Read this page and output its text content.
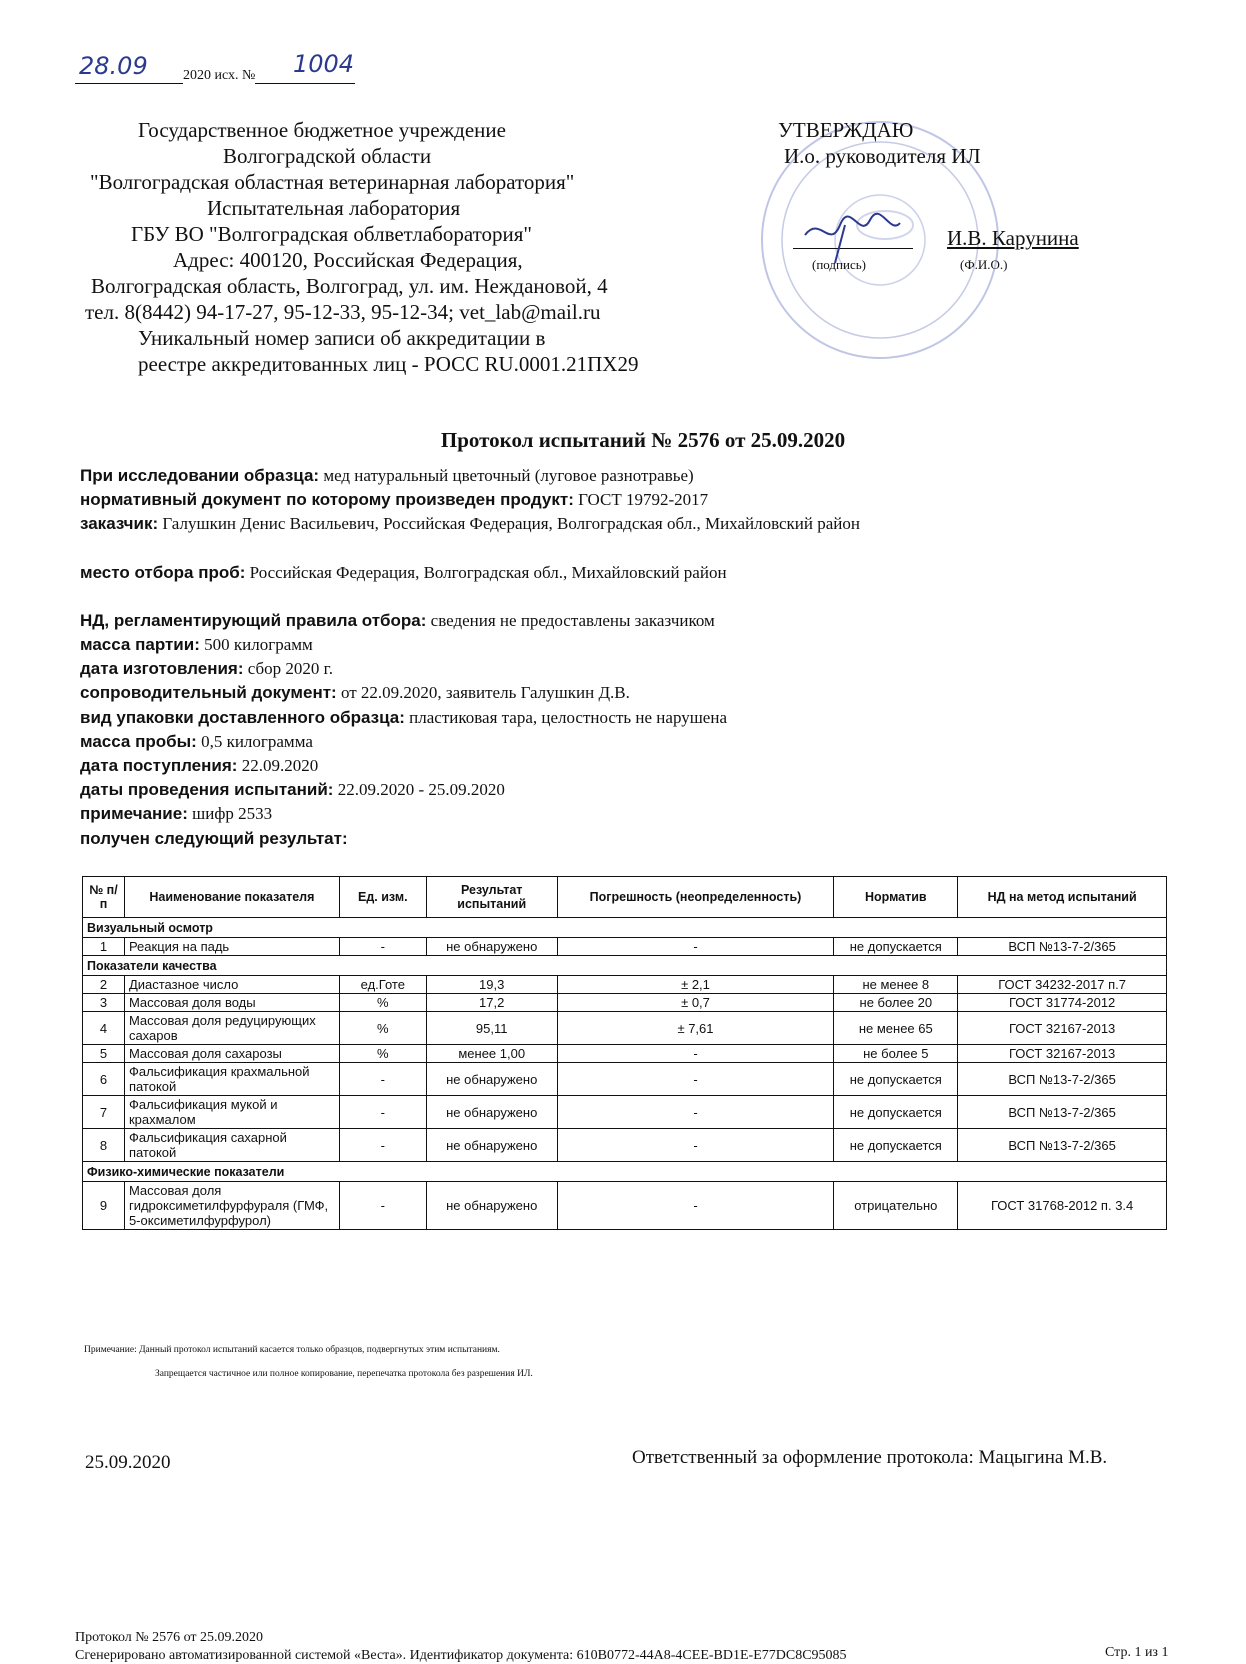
28.09	2020 исх. № 1004
Государственное бюджетное учреждение
Волгоградской области
"Волгоградская областная ветеринарная лаборатория"
Испытательная лаборатория
ГБУ ВО "Волгоградская облветлаборатория"
Адрес: 400120, Российская Федерация,
Волгоградская область, Волгоград, ул. им. Неждановой, 4
тел. 8(8442) 94-17-27, 95-12-33, 95-12-34; vet_lab@mail.ru
Уникальный номер записи об аккредитации в
реестре аккредитованных лиц - РОСС RU.0001.21ПХ29
УТВЕРЖДАЮ
И.о. руководителя ИЛ
И.В. Карунина
(подпись)	(Ф.И.О.)
Протокол испытаний № 2576 от 25.09.2020
При исследовании образца: мед натуральный цветочный (луговое разнотравье)
нормативный документ по которому произведен продукт: ГОСТ 19792-2017
заказчик: Галушкин Денис Васильевич, Российская Федерация, Волгоградская обл., Михайловский район
место отбора проб: Российская Федерация, Волгоградская обл., Михайловский район
НД, регламентирующий правила отбора: сведения не предоставлены заказчиком
масса партии: 500 килограмм
дата изготовления: сбор 2020 г.
сопроводительный документ: от 22.09.2020, заявитель Галушкин Д.В.
вид упаковки доставленного образца: пластиковая тара, целостность не нарушена
масса пробы: 0,5 килограмма
дата поступления: 22.09.2020
даты проведения испытаний: 22.09.2020 - 25.09.2020
примечание: шифр 2533
получен следующий результат:
№ п/п	Наименование показателя	Ед. изм.	Результат испытаний	Погрешность (неопределенность)	Норматив	НД на метод испытаний
Визуальный осмотр						
1	Реакция на падь	-	не обнаружено	-	не допускается	ВСП №13-7-2/365
Показатели качества						
2	Диастазное число	ед.Готе	19,3	± 2,1	не менее 8	ГОСТ 34232-2017 п.7
3	Массовая доля воды	%	17,2	± 0,7	не более 20	ГОСТ 31774-2012
4	Массовая доля редуцирующих сахаров	%	95,11	± 7,61	не менее 65	ГОСТ 32167-2013
5	Массовая доля сахарозы	%	менее 1,00	-	не более 5	ГОСТ 32167-2013
6	Фальсификация крахмальной патокой	-	не обнаружено	-	не допускается	ВСП №13-7-2/365
7	Фальсификация мукой и крахмалом	-	не обнаружено	-	не допускается	ВСП №13-7-2/365
8	Фальсификация сахарной патокой	-	не обнаружено	-	не допускается	ВСП №13-7-2/365
Физико-химические показатели						
9	Массовая доля гидроксиметилфурфураля (ГМФ, 5-оксиметилфурфурол)	-	не обнаружено	-	отрицательно	ГОСТ 31768-2012 п. 3.4
Примечание: Данный протокол испытаний касается только образцов, подвергнутых этим испытаниям.
Запрещается частичное или полное копирование, перепечатка протокола без разрешения ИЛ.
25.09.2020	Ответственный за оформление протокола: Мацыгина М.В.
Протокол № 2576 от 25.09.2020
Сгенерировано автоматизированной системой «Веста». Идентификатор документа: 610B0772-44A8-4CEE-BD1E-E77DC8C95085	Стр. 1 из 1
